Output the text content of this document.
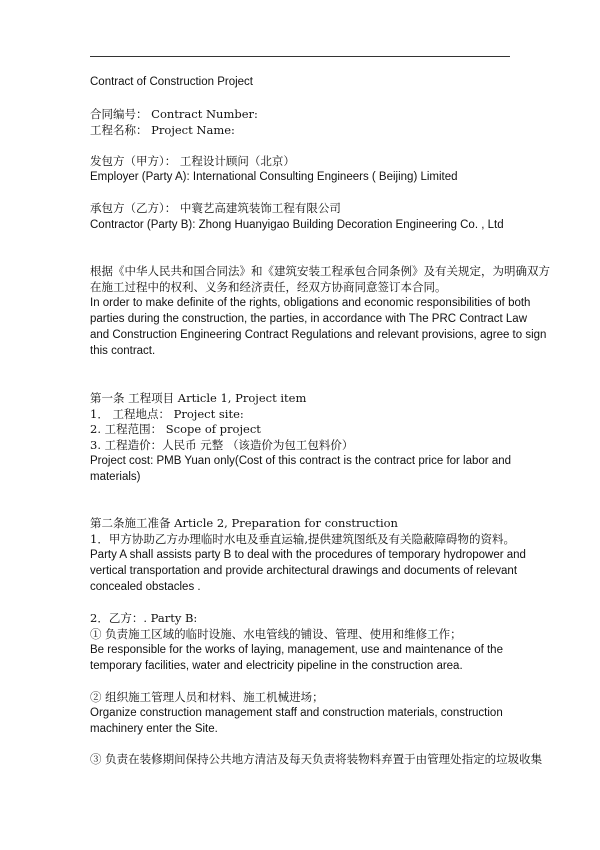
Contract of Construction Project
合同编号： Contract Number:
工程名称： Project Name:
发包方（甲方）： 工程设计顾问（北京）
Employer (Party A): International Consulting Engineers ( Beijing) Limited
承包方（乙方）： 中寰艺高建筑装饰工程有限公司
Contractor (Party B): Zhong Huanyigao Building Decoration Engineering Co. , Ltd
根据《中华人民共和国合同法》和《建筑安装工程承包合同条例》及有关规定，为明确双方
在施工过程中的权利、义务和经济责任，经双方协商同意签订本合同。
In order to make definite of the rights, obligations and economic responsibilities of both
parties during the construction, the parties, in accordance with The PRC Contract Law
and Construction Engineering Contract Regulations and relevant provisions, agree to sign
this contract.
第一条 工程项目 Article 1, Project item
1． 工程地点： Project site:
2. 工程范围： Scope of project
3. 工程造价：人民币 元整 （该造价为包工包料价）
Project cost: PMB Yuan only(Cost of this contract is the contract price for labor and
materials)
第二条施工准备 Article 2, Preparation for construction
1．甲方协助乙方办理临时水电及垂直运输,提供建筑图纸及有关隐蔽障碍物的资料。
Party A shall assists party B to deal with the procedures of temporary hydropower and
vertical transportation and provide architectural drawings and documents of relevant
concealed obstacles .
2．乙方：. Party B:
① 负责施工区域的临时设施、水电管线的铺设、管理、使用和维修工作；
Be responsible for the works of laying, management, use and maintenance of the
temporary facilities, water and electricity pipeline in the construction area.
② 组织施工管理人员和材料、施工机械进场；
Organize construction management staff and construction materials, construction
machinery enter the Site.
③ 负责在装修期间保持公共地方清洁及每天负责将装物料弃置于由管理处指定的垃圾收集
